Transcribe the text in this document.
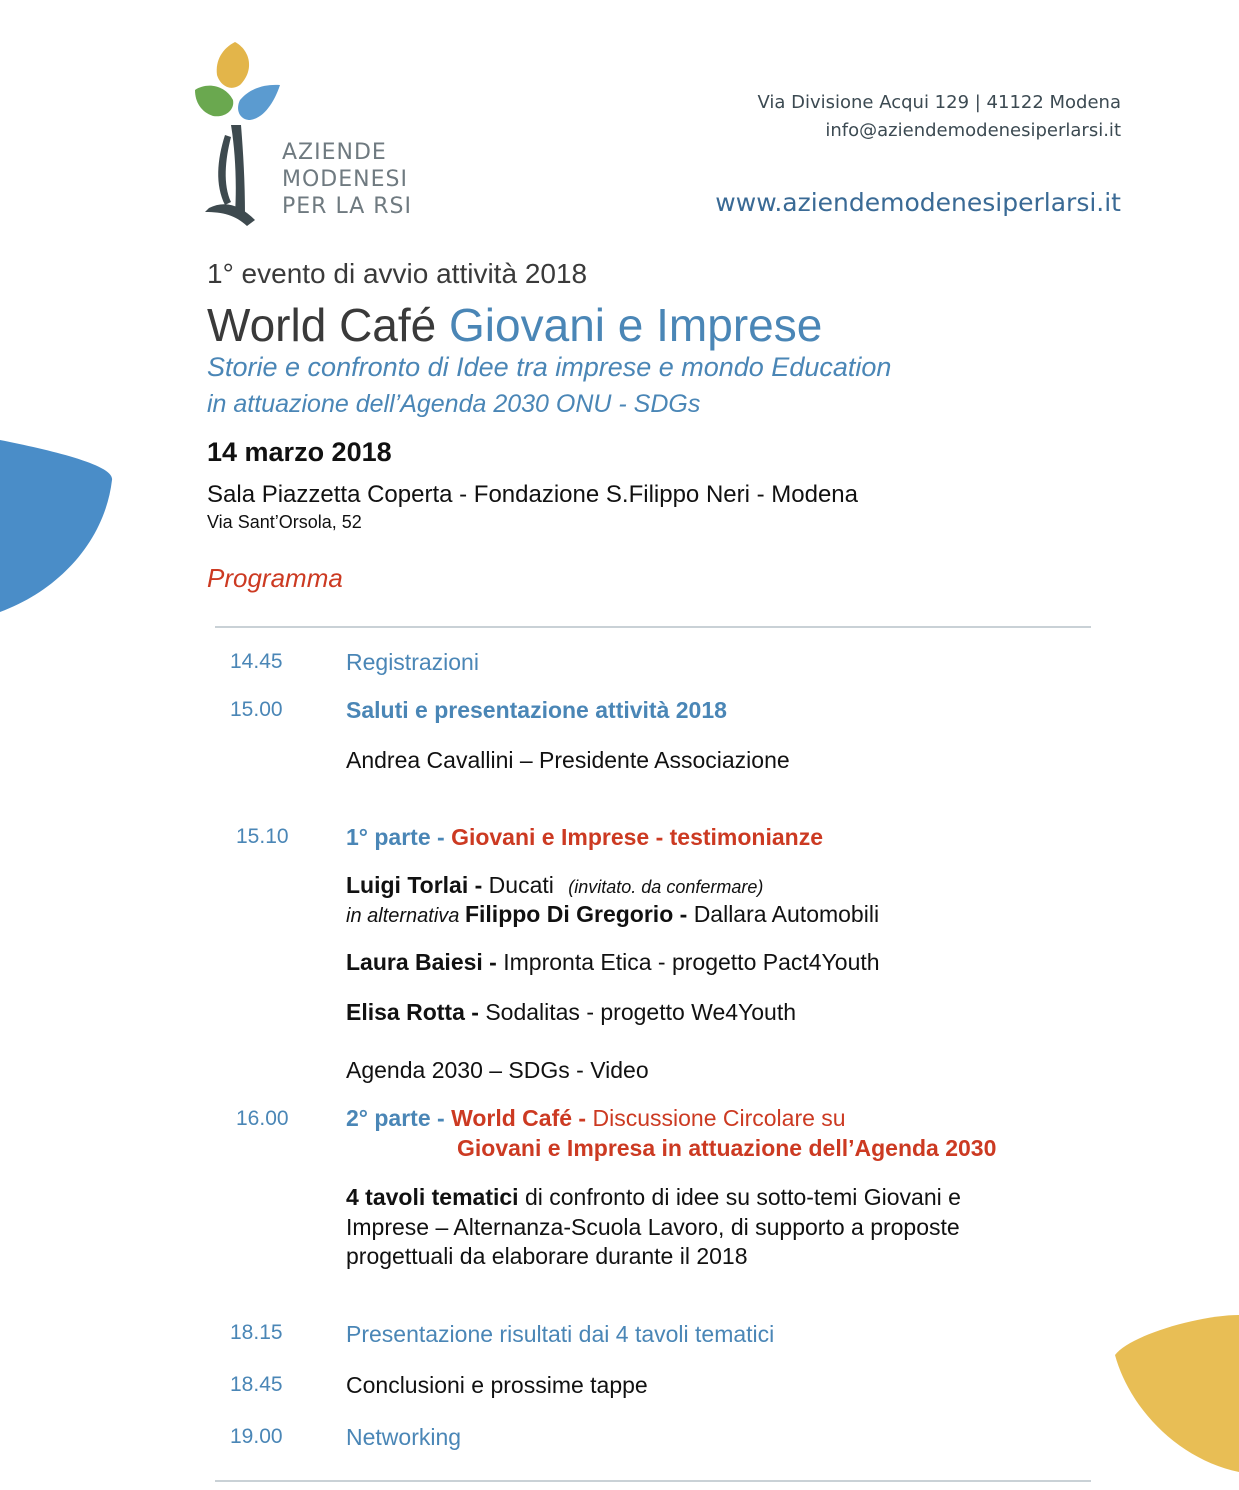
AZIENDE
MODENESI
PER LA RSI
Via Divisione Acqui 129 | 41122 Modena
info@aziendemodenesiperlarsi.it
www.aziendemodenesiperlarsi.it
1° evento di avvio attività 2018
World Café Giovani e Imprese
Storie e confronto di Idee tra imprese e mondo Education
in attuazione dell’Agenda 2030 ONU - SDGs
14 marzo 2018
Sala Piazzetta Coperta - Fondazione S.Filippo Neri - Modena
Via Sant’Orsola, 52
Programma
14.45	Registrazioni
15.00	Saluti e presentazione attività 2018
Andrea Cavallini – Presidente Associazione
15.10 1° parte - Giovani e Imprese - testimonianze
Luigi Torlai - Ducati (invitato. da confermare)
in alternativa Filippo Di Gregorio - Dallara Automobili
Laura Baiesi - Impronta Etica - progetto Pact4Youth
Elisa Rotta - Sodalitas - progetto We4Youth
Agenda 2030 – SDGs - Video
16.00 2° parte - World Café - Discussione Circolare su
Giovani e Impresa in attuazione dell’Agenda 2030
4 tavoli tematici di confronto di idee su sotto-temi Giovani e
Imprese – Alternanza-Scuola Lavoro, di supporto a proposte
progettuali da elaborare durante il 2018
18.15	Presentazione risultati dai 4 tavoli tematici
18.45	Conclusioni e prossime tappe
19.00	Networking
